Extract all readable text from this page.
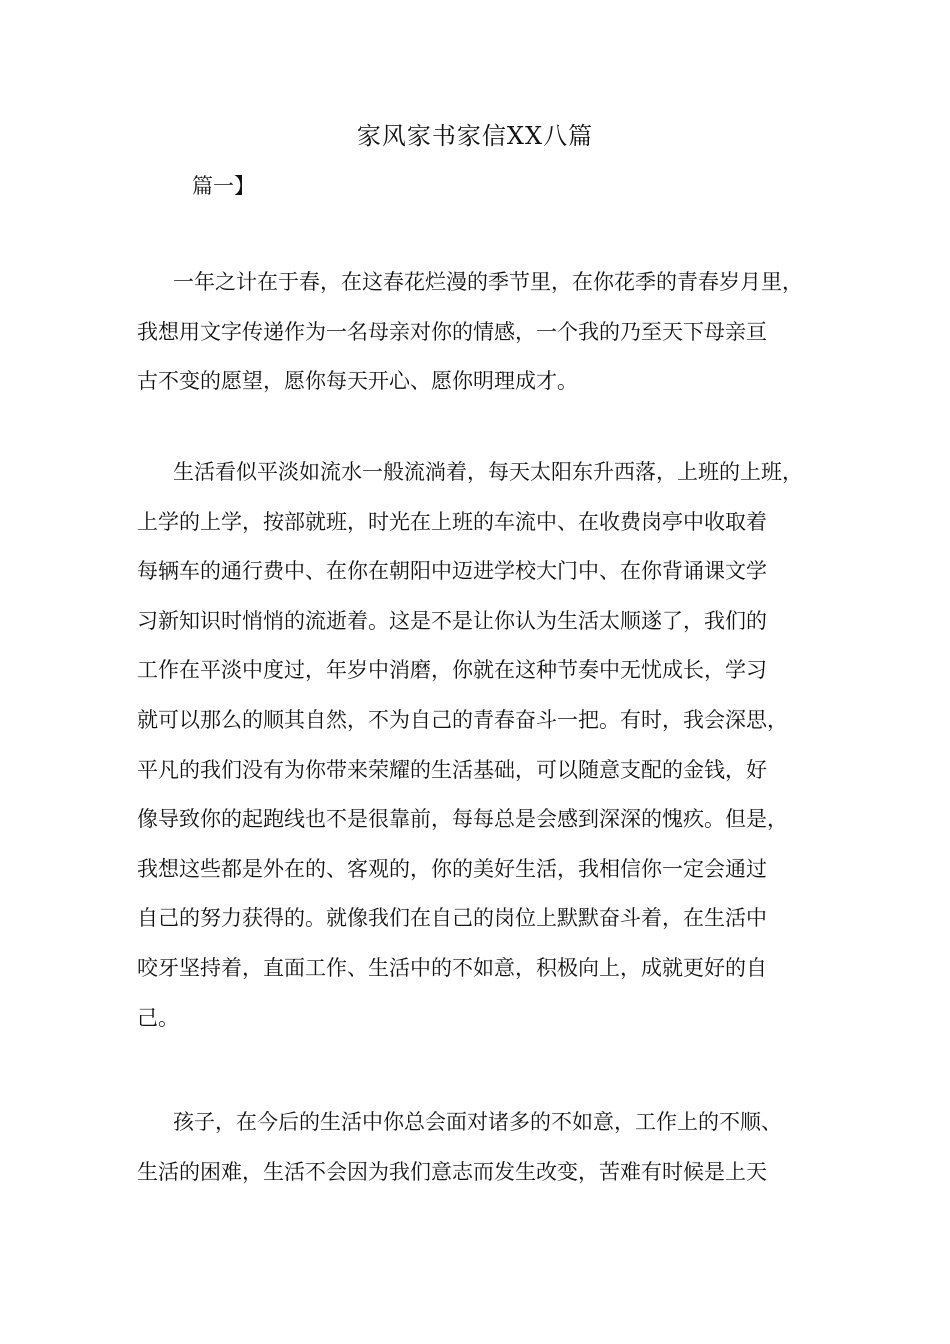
家风家书家信XX八篇
篇一】
一年之计在于春，在这春花烂漫的季节里，在你花季的青春岁月里，
我想用文字传递作为一名母亲对你的情感，一个我的乃至天下母亲亘
古不变的愿望，愿你每天开心、愿你明理成才。
生活看似平淡如流水一般流淌着，每天太阳东升西落，上班的上班，
上学的上学，按部就班，时光在上班的车流中、在收费岗亭中收取着
每辆车的通行费中、在你在朝阳中迈进学校大门中、在你背诵课文学
习新知识时悄悄的流逝着。这是不是让你认为生活太顺遂了，我们的
工作在平淡中度过，年岁中消磨，你就在这种节奏中无忧成长，学习
就可以那么的顺其自然，不为自己的青春奋斗一把。有时，我会深思，
平凡的我们没有为你带来荣耀的生活基础，可以随意支配的金钱，好
像导致你的起跑线也不是很靠前，每每总是会感到深深的愧疚。但是，
我想这些都是外在的、客观的，你的美好生活，我相信你一定会通过
自己的努力获得的。就像我们在自己的岗位上默默奋斗着，在生活中
咬牙坚持着，直面工作、生活中的不如意，积极向上，成就更好的自
己。
孩子，在今后的生活中你总会面对诸多的不如意，工作上的不顺、
生活的困难，生活不会因为我们意志而发生改变，苦难有时候是上天
